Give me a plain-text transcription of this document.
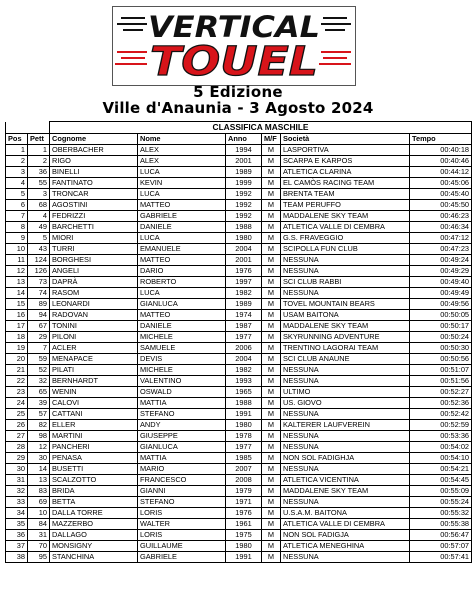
VERTICAL
TOUEL
5 Edizione
Ville d'Anaunia - 3 Agosto 2024
		CLASSIFICA MASCHILE					
Pos	Pett	Cognome	Nome	Anno	M/F	Società	Tempo
1	1	OBERBACHER	ALEX	1994	M	LASPORTIVA	00:40:18
2	2	RIGO	ALEX	2001	M	SCARPA E KARPOS	00:40:46
3	36	BINELLI	LUCA	1989	M	ATLETICA CLARINA	00:44:12
4	55	FANTINATO	KEVIN	1999	M	EL CAMÒS RACING TEAM	00:45:06
5	3	TRONCAR	LUCA	1992	M	BRENTA TEAM	00:45:40
6	68	AGOSTINI	MATTEO	1992	M	TEAM PERUFFO	00:45:50
7	4	FEDRIZZI	GABRIELE	1992	M	MADDALENE SKY TEAM	00:46:23
8	49	BARCHETTI	DANIELE	1988	M	ATLETICA VALLE DI CEMBRA	00:46:34
9	5	MIORI	LUCA	1980	M	G.S. FRAVEGGIO	00:47:12
10	43	TURRI	EMANUELE	2004	M	SCIPOLLA FUN CLUB	00:47:23
11	124	BORGHESI	MATTEO	2001	M	NESSUNA	00:49:24
12	126	ANGELI	DARIO	1976	M	NESSUNA	00:49:29
13	73	DAPRÀ	ROBERTO	1997	M	SCI CLUB RABBI	00:49:40
14	74	RASOM	LUCA	1982	M	NESSUNA	00:49:49
15	89	LEONARDI	GIANLUCA	1989	M	TOVEL MOUNTAIN BEARS	00:49:56
16	94	RADOVAN	MATTEO	1974	M	USAM BAITONA	00:50:05
17	67	TONINI	DANIELE	1987	M	MADDALENE SKY TEAM	00:50:17
18	29	PILONI	MICHELE	1977	M	SKYRUNNING ADVENTURE	00:50:24
19	7	ACLER	SAMUELE	2006	M	TRENTINO LAGORAI TEAM	00:50:30
20	59	MENAPACE	DEVIS	2004	M	SCI CLUB ANAUNE	00:50:56
21	52	PILATI	MICHELE	1982	M	NESSUNA	00:51:07
22	32	BERNHARDT	VALENTINO	1993	M	NESSUNA	00:51:56
23	65	WENIN	OSWALD	1965	M	ULTIMO	00:52:27
24	39	CALOVI	MATTIA	1988	M	US. GIOVO	00:52:36
25	57	CATTANI	STEFANO	1991	M	NESSUNA	00:52:42
26	82	ELLER	ANDY	1980	M	KALTERER LAUFVEREIN	00:52:59
27	98	MARTINI	GIUSEPPE	1978	M	NESSUNA	00:53:36
28	12	PANCHERI	GIANLUCA	1977	M	NESSUNA	00:54:02
29	30	PENASA	MATTIA	1985	M	NON SOL FADIGHJA	00:54:10
30	14	BUSETTI	MARIO	2007	M	NESSUNA	00:54:21
31	13	SCALZOTTO	FRANCESCO	2008	M	ATLETICA VICENTINA	00:54:45
32	83	BRIDA	GIANNI	1979	M	MADDALENE SKY TEAM	00:55:09
33	69	BETTA	STEFANO	1971	M	NESSUNA	00:55:24
34	10	DALLA TORRE	LORIS	1976	M	U.S.A.M. BAITONA	00:55:32
35	84	MAZZERBO	WALTER	1961	M	ATLETICA VALLE DI CEMBRA	00:55:38
36	31	DALLAGO	LORIS	1975	M	NON SOL FADIGJA	00:56:47
37	70	MONSIGNY	GUILLAUME	1980	M	ATLETICA MENEGHINA	00:57:07
38	95	STANCHINA	GABRIELE	1991	M	NESSUNA	00:57:41
